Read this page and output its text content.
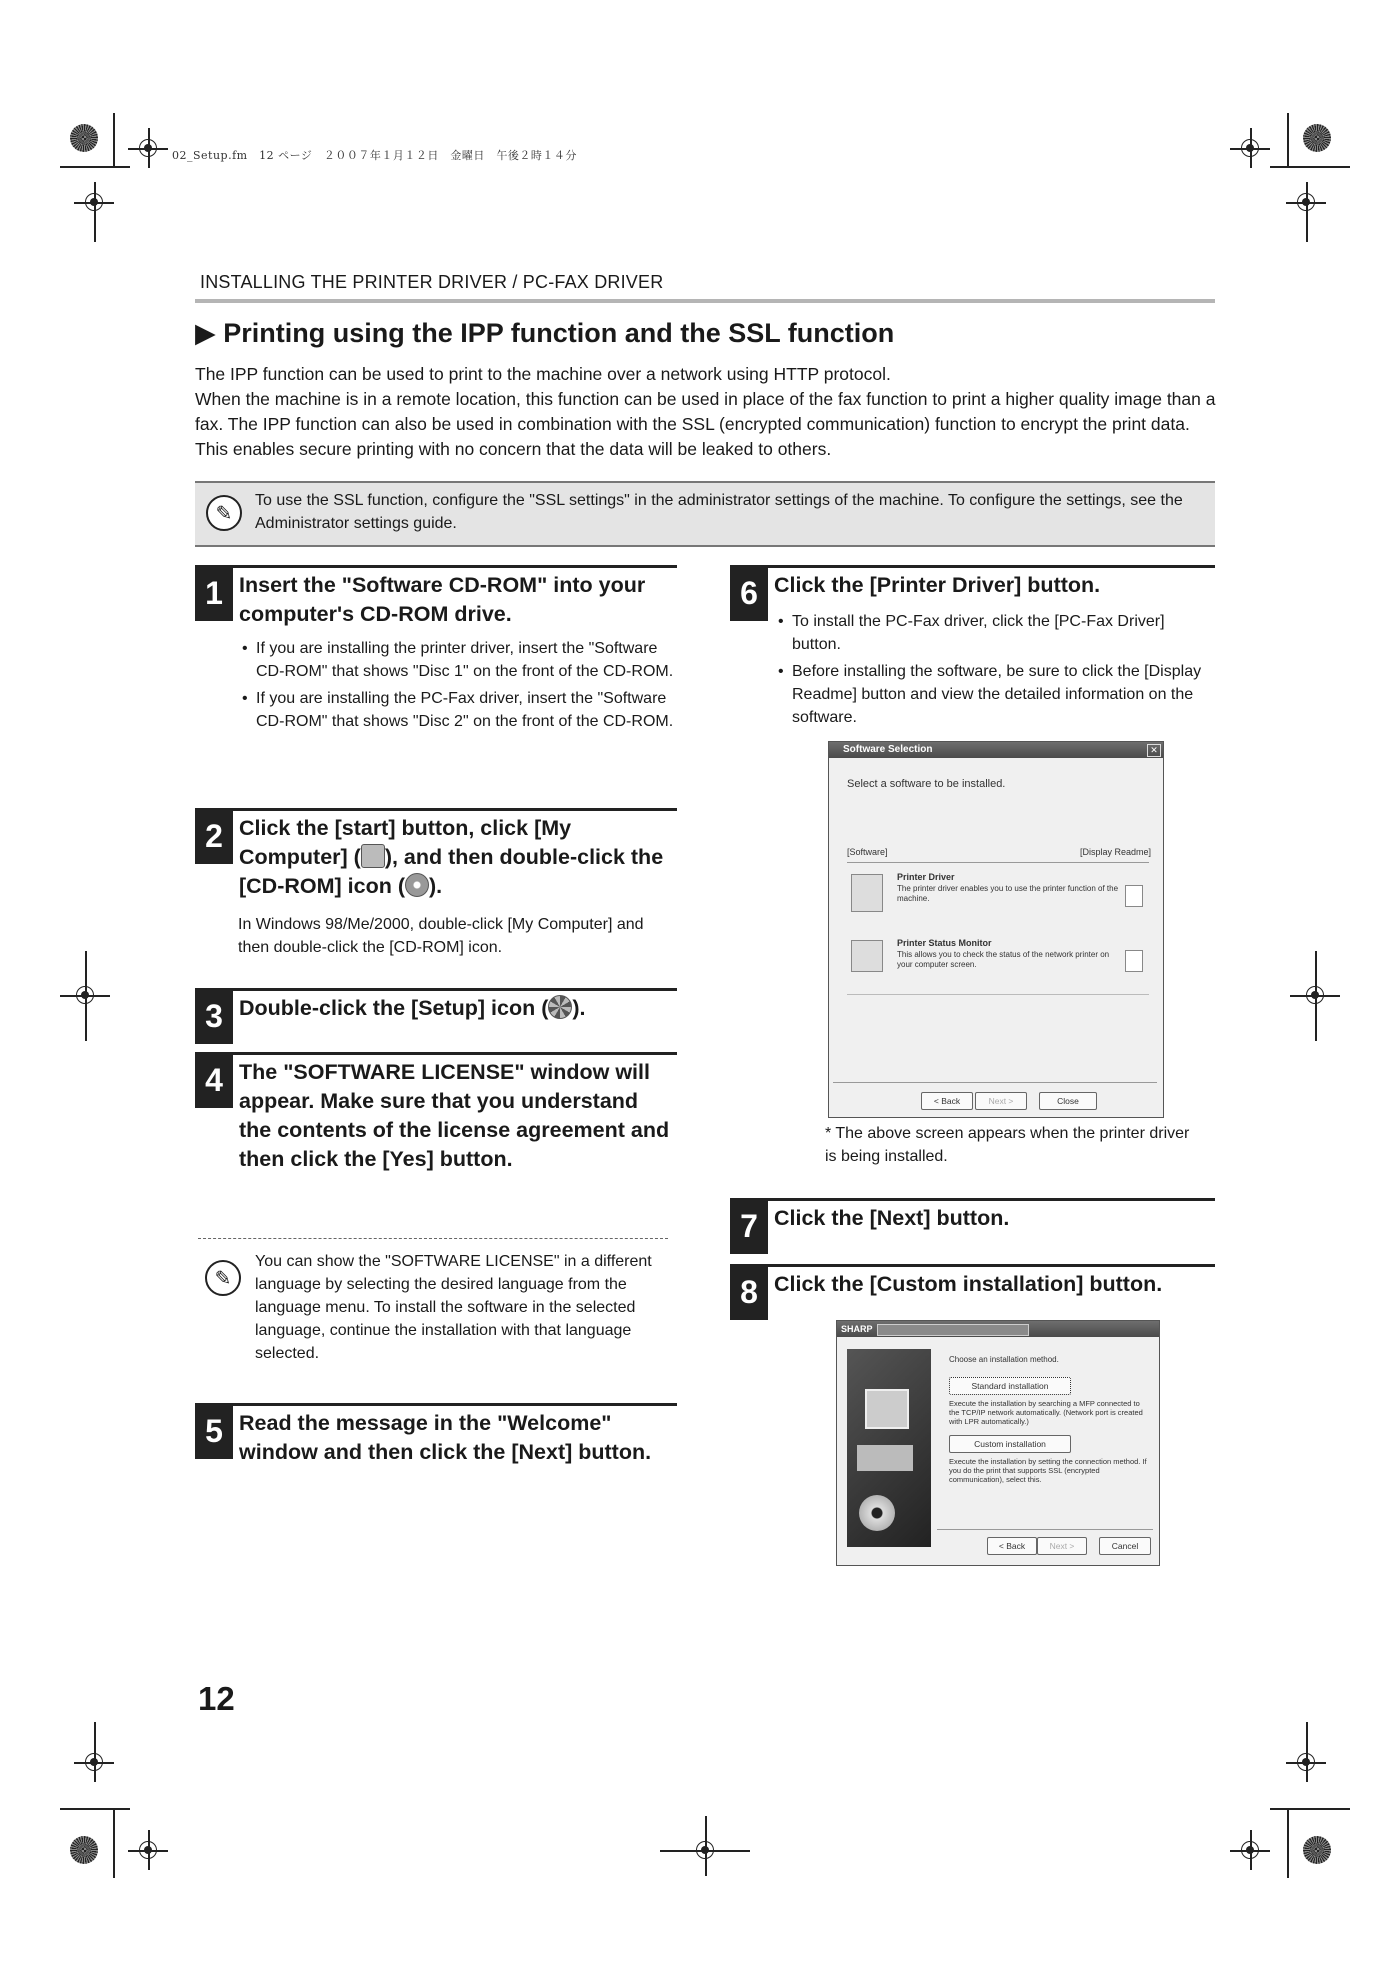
02_Setup.fm　12 ページ　２００７年１月１２日　金曜日　午後２時１４分
INSTALLING THE PRINTER DRIVER / PC-FAX DRIVER
▶ Printing using the IPP function and the SSL function

The IPP function can be used to print to the machine over a network using HTTP protocol.

When the machine is in a remote location, this function can be used in place of the fax function to print a higher quality image than a fax. The IPP function can also be used in combination with the SSL (encrypted communication) function to encrypt the print data. This enables secure printing with no concern that the data will be leaked to others.

✎
To use the SSL function, configure the "SSL settings" in the administrator settings of the machine. To configure the settings, see the Administrator settings guide.
1 Insert the "Software CD-ROM" into your computer's CD-ROM drive.
• If you are installing the printer driver, insert the "Software CD-ROM" that shows "Disc 1" on the front of the CD-ROM.
• If you are installing the PC-Fax driver, insert the "Software CD-ROM" that shows "Disc 2" on the front of the CD-ROM.
2 Click the [start] button, click [My Computer] ( ), and then double-click the [CD-ROM] icon ( ).
In Windows 98/Me/2000, double-click [My Computer] and then double-click the [CD-ROM] icon.
3 Double-click the [Setup] icon ( ).
4 The "SOFTWARE LICENSE" window will appear. Make sure that you understand the contents of the license agreement and then click the [Yes] button.
✎
You can show the "SOFTWARE LICENSE" in a different language by selecting the desired language from the language menu. To install the software in the selected language, continue the installation with that language selected.
5 Read the message in the "Welcome" window and then click the [Next] button.
6 Click the [Printer Driver] button.
• To install the PC-Fax driver, click the [PC-Fax Driver] button.
• Before installing the software, be sure to click the [Display Readme] button and view the detailed information on the software.
Software Selection	✕
Select a software to be installed.
[Software]	[Display Readme]
Printer Driver
The printer driver enables you to use the printer function of the machine.
Printer Status Monitor
This allows you to check the status of the network printer on your computer screen.
< Back	Next >	Close
* The above screen appears when the printer driver is being installed.
7 Click the [Next] button.
8 Click the [Custom installation] button.
SHARP
Choose an installation method.
Standard installation
Execute the installation by searching a MFP connected to the TCP/IP network automatically. (Network port is created with LPR automatically.)
Custom installation
Execute the installation by setting the connection method. If you do the print that supports SSL (encrypted communication), select this.
< Back	Next >	Cancel
12
